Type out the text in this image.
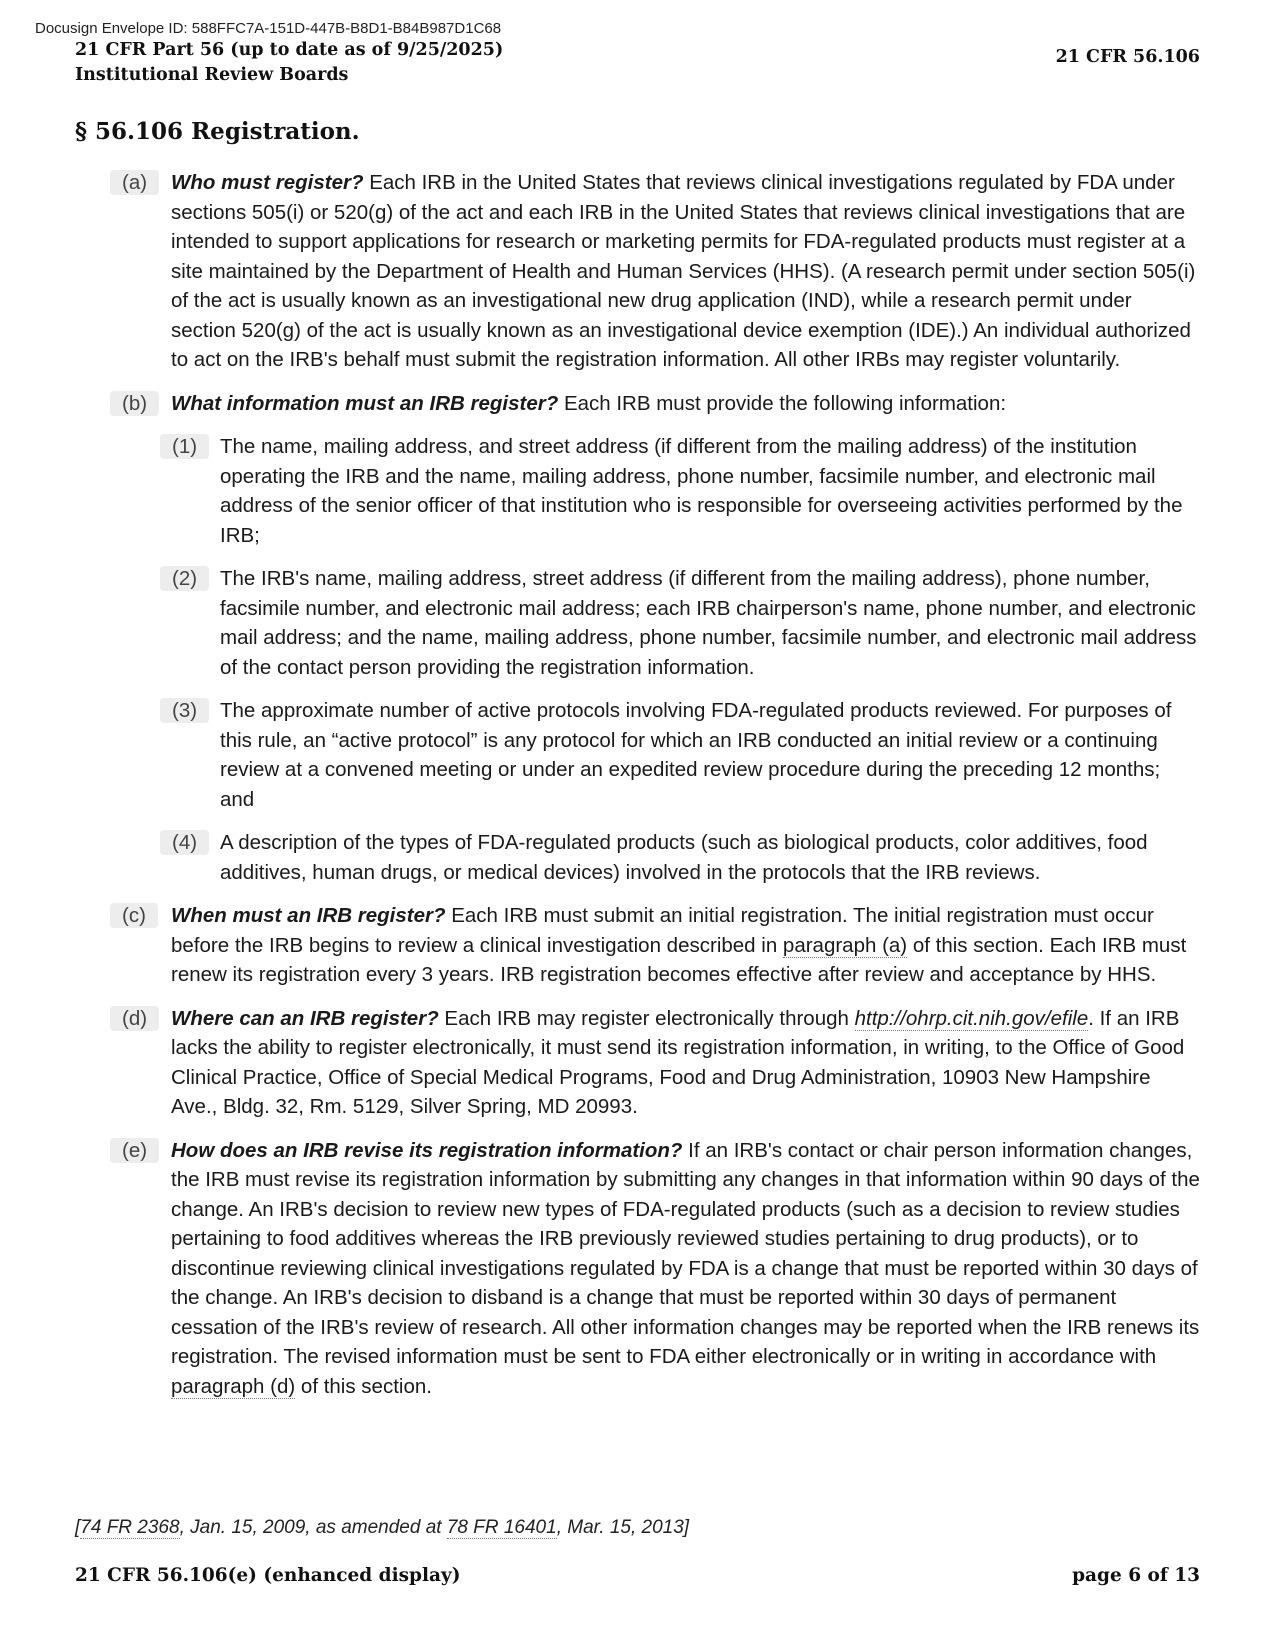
Docusign Envelope ID: 588FFC7A-151D-447B-B8D1-B84B987D1C68
21 CFR Part 56 (up to date as of 9/25/2025)
Institutional Review Boards
21 CFR 56.106
§ 56.106 Registration.
(a)	Who must register? Each IRB in the United States that reviews clinical investigations regulated by FDA under sections 505(i) or 520(g) of the act and each IRB in the United States that reviews clinical investigations that are intended to support applications for research or marketing permits for FDA-regulated products must register at a site maintained by the Department of Health and Human Services (HHS). (A research permit under section 505(i) of the act is usually known as an investigational new drug application (IND), while a research permit under section 520(g) of the act is usually known as an investigational device exemption (IDE).) An individual authorized to act on the IRB's behalf must submit the registration information. All other IRBs may register voluntarily.
(b)	What information must an IRB register? Each IRB must provide the following information:
(1)	The name, mailing address, and street address (if different from the mailing address) of the institution operating the IRB and the name, mailing address, phone number, facsimile number, and electronic mail address of the senior officer of that institution who is responsible for overseeing activities performed by the IRB;
(2)	The IRB's name, mailing address, street address (if different from the mailing address), phone number, facsimile number, and electronic mail address; each IRB chairperson's name, phone number, and electronic mail address; and the name, mailing address, phone number, facsimile number, and electronic mail address of the contact person providing the registration information.
(3)	The approximate number of active protocols involving FDA-regulated products reviewed. For purposes of this rule, an “active protocol” is any protocol for which an IRB conducted an initial review or a continuing review at a convened meeting or under an expedited review procedure during the preceding 12 months; and
(4)	A description of the types of FDA-regulated products (such as biological products, color additives, food additives, human drugs, or medical devices) involved in the protocols that the IRB reviews.
(c)	When must an IRB register? Each IRB must submit an initial registration. The initial registration must occur before the IRB begins to review a clinical investigation described in paragraph (a) of this section. Each IRB must renew its registration every 3 years. IRB registration becomes effective after review and acceptance by HHS.
(d)	Where can an IRB register? Each IRB may register electronically through http://ohrp.cit.nih.gov/efile. If an IRB lacks the ability to register electronically, it must send its registration information, in writing, to the Office of Good Clinical Practice, Office of Special Medical Programs, Food and Drug Administration, 10903 New Hampshire Ave., Bldg. 32, Rm. 5129, Silver Spring, MD 20993.
(e)	How does an IRB revise its registration information? If an IRB's contact or chair person information changes, the IRB must revise its registration information by submitting any changes in that information within 90 days of the change. An IRB's decision to review new types of FDA-regulated products (such as a decision to review studies pertaining to food additives whereas the IRB previously reviewed studies pertaining to drug products), or to discontinue reviewing clinical investigations regulated by FDA is a change that must be reported within 30 days of the change. An IRB's decision to disband is a change that must be reported within 30 days of permanent cessation of the IRB's review of research. All other information changes may be reported when the IRB renews its registration. The revised information must be sent to FDA either electronically or in writing in accordance with paragraph (d) of this section.
[74 FR 2368, Jan. 15, 2009, as amended at 78 FR 16401, Mar. 15, 2013]
21 CFR 56.106(e) (enhanced display)	page 6 of 13
